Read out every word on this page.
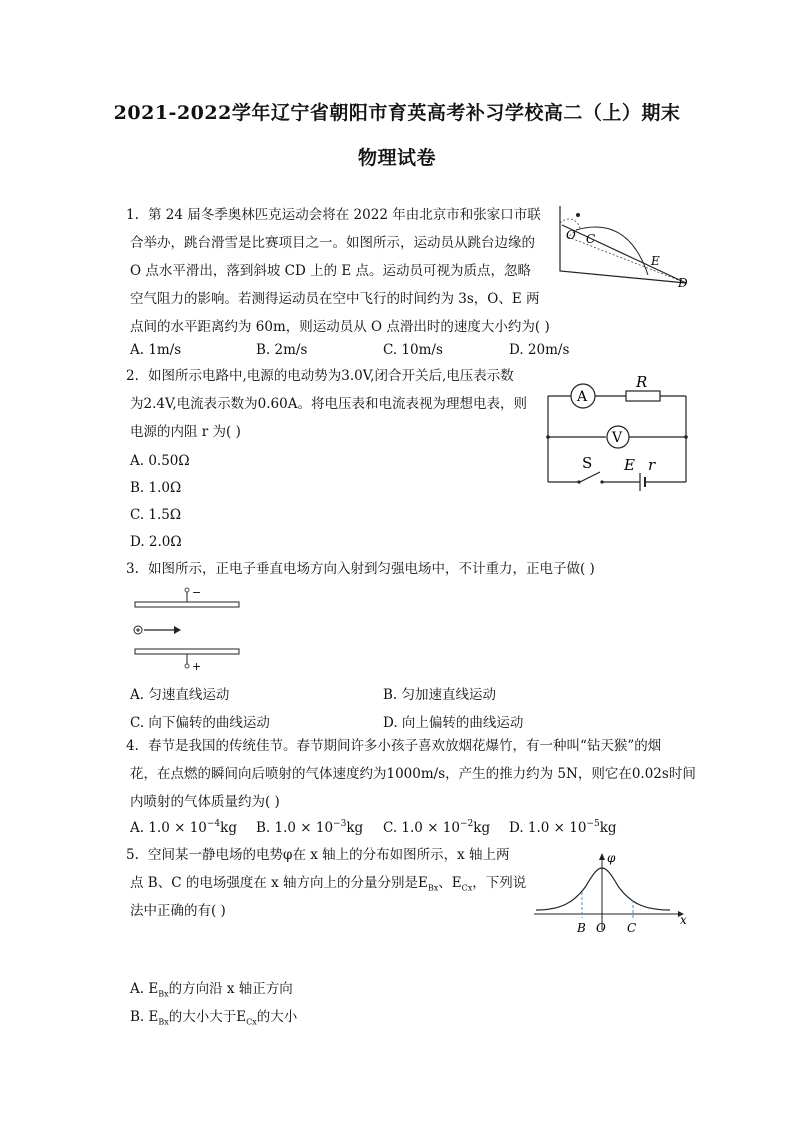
2021-2022学年辽宁省朝阳市育英高考补习学校高二（上）期末
物理试卷
1. 第 24 届冬季奥林匹克运动会将在 2022 年由北京市和张家口市联
合举办，跳台滑雪是比赛项目之一。如图所示，运动员从跳台边缘的
O 点水平滑出，落到斜坡 CD 上的 E 点。运动员可视为质点，忽略
空气阻力的影响。若测得运动员在空中飞行的时间约为 3s，O、E 两
点间的水平距离约为 60m，则运动员从 O 点滑出时的速度大小约为( )
A. 1m/s	B. 2m/s	C. 10m/s	D. 20m/s
O C
E
D
2. 如图所示电路中,电源的电动势为3.0V,闭合开关后,电压表示数
为2.4V,电流表示数为0.60A。将电压表和电流表视为理想电表，则
电源的内阻 r 为( )
A. 0.50Ω
B. 1.0Ω
C. 1.5Ω
D. 2.0Ω
A
R
V
S E r
3. 如图所示，正电子垂直电场方向入射到匀强电场中，不计重力，正电子做( )
−
+
A. 匀速直线运动	B. 匀加速直线运动
C. 向下偏转的曲线运动	D. 向上偏转的曲线运动
4. 春节是我国的传统佳节。春节期间许多小孩子喜欢放烟花爆竹，有一种叫“钻天猴”的烟
花，在点燃的瞬间向后喷射的气体速度约为1000m/s，产生的推力约为 5N，则它在0.02s时间
内喷射的气体质量约为( )
A. $1.0 \times 10^{-4}kg$ B. $1.0 \times 10^{-3}kg$ C. $1.0 \times 10^{-2}kg$ D. $1.0 \times 10^{-5}kg$
5. 空间某一静电场的电势φ在 x 轴上的分布如图所示，x 轴上两
点 B、C 的电场强度在 x 轴方向上的分量分别是$E_{Bx}$、$E_{Cx}$，下列说
法中正确的有( )
φ
x
B O C
A. $E_{Bx}$的方向沿 x 轴正方向
B. $E_{Bx}$的大小大于$E_{Cx}$的大小
